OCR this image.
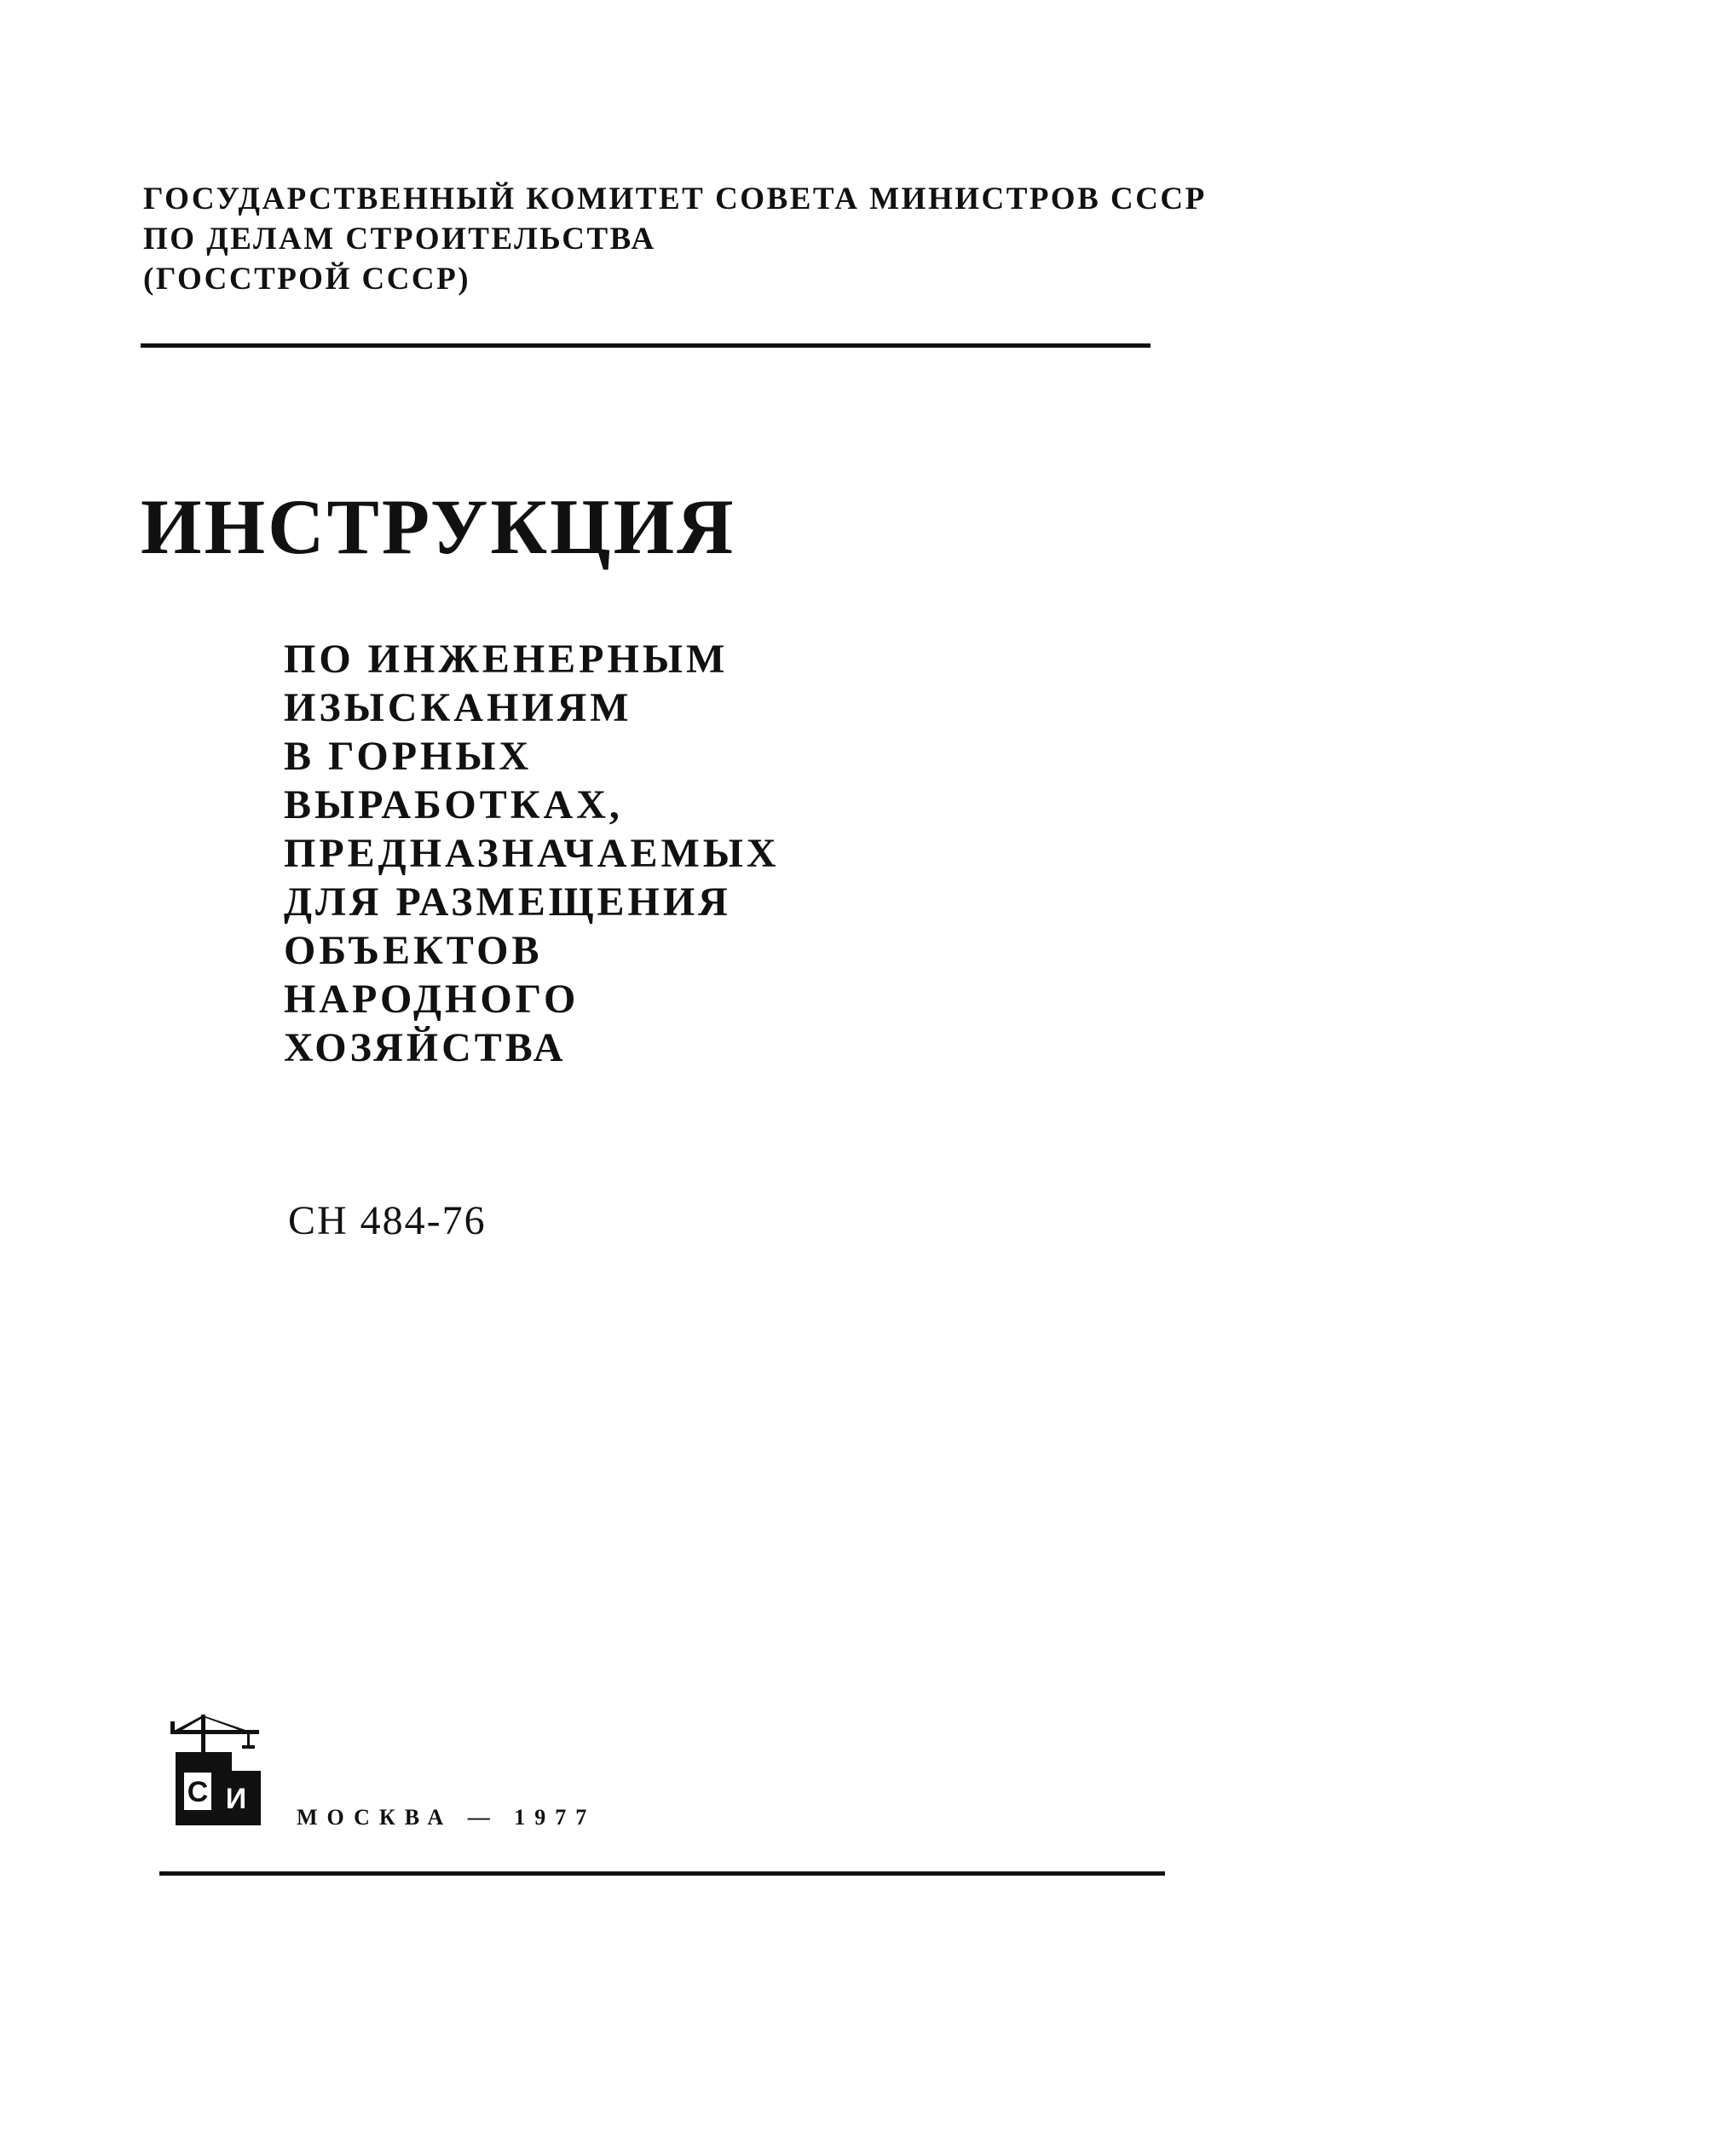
ГОСУДАРСТВЕННЫЙ КОМИТЕТ СОВЕТА МИНИСТРОВ СССР
ПО ДЕЛАМ СТРОИТЕЛЬСТВА
(ГОССТРОЙ СССР)
ИНСТРУКЦИЯ
ПО ИНЖЕНЕРНЫМ
ИЗЫСКАНИЯМ
В ГОРНЫХ
ВЫРАБОТКАХ,
ПРЕДНАЗНАЧАЕМЫХ
ДЛЯ РАЗМЕЩЕНИЯ
ОБЪЕКТОВ
НАРОДНОГО
ХОЗЯЙСТВА
СН 484-76
С И
МОСКВА — 1977
